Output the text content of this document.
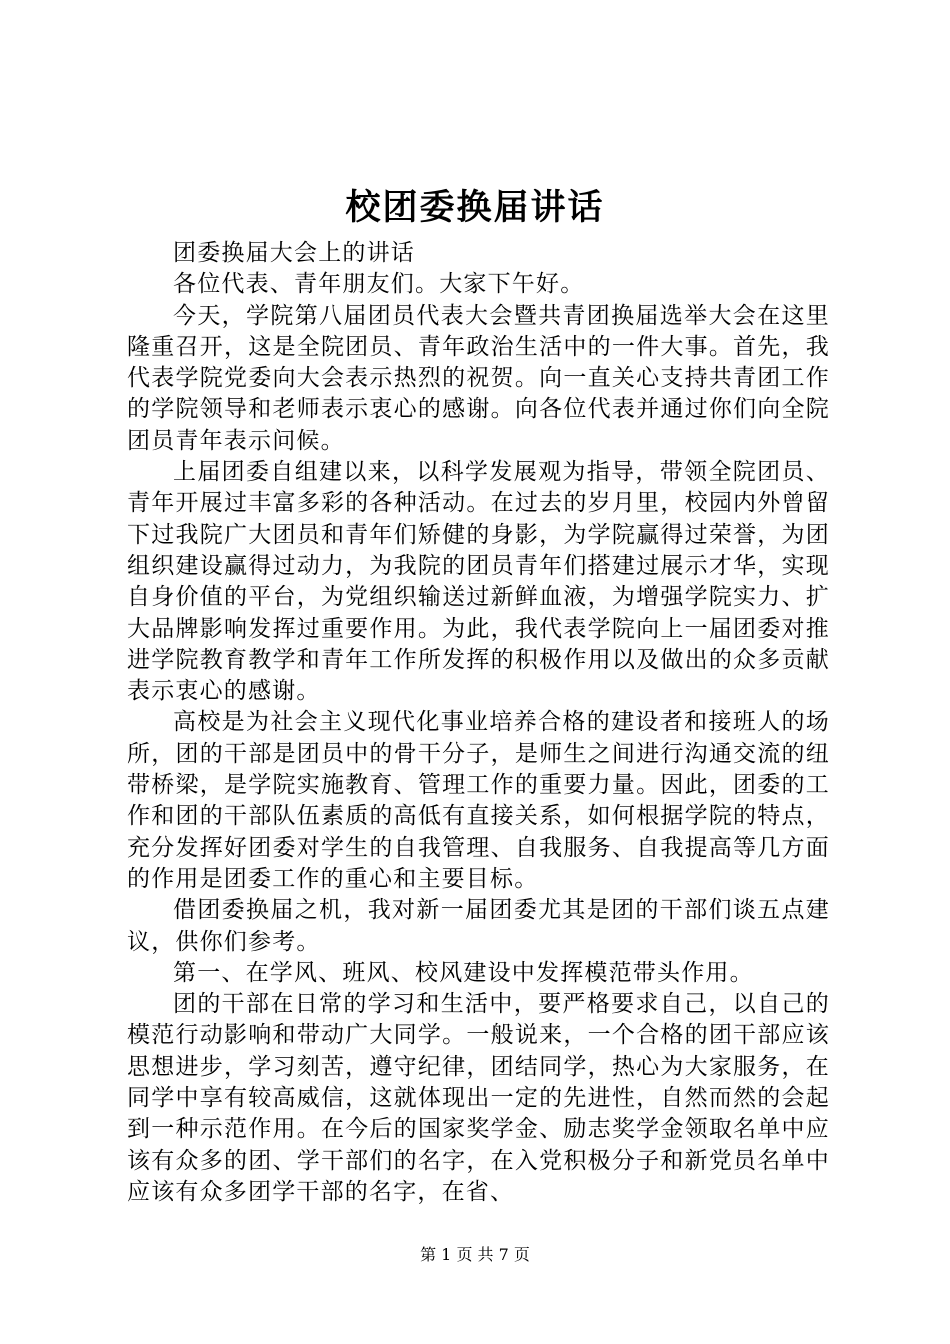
校团委换届讲话

团委换届大会上的讲话

各位代表、青年朋友们。大家下午好。

今天，学院第八届团员代表大会暨共青团换届选举大会在这里隆重召开，这是全院团员、青年政治生活中的一件大事。首先，我代表学院党委向大会表示热烈的祝贺。向一直关心支持共青团工作的学院领导和老师表示衷心的感谢。向各位代表并通过你们向全院团员青年表示问候。

上届团委自组建以来，以科学发展观为指导，带领全院团员、青年开展过丰富多彩的各种活动。在过去的岁月里，校园内外曾留下过我院广大团员和青年们矫健的身影，为学院赢得过荣誉，为团组织建设赢得过动力，为我院的团员青年们搭建过展示才华，实现自身价值的平台，为党组织输送过新鲜血液，为增强学院实力、扩大品牌影响发挥过重要作用。为此，我代表学院向上一届团委对推进学院教育教学和青年工作所发挥的积极作用以及做出的众多贡献表示衷心的感谢。

高校是为社会主义现代化事业培养合格的建设者和接班人的场所，团的干部是团员中的骨干分子，是师生之间进行沟通交流的纽带桥梁，是学院实施教育、管理工作的重要力量。因此，团委的工作和团的干部队伍素质的高低有直接关系，如何根据学院的特点，充分发挥好团委对学生的自我管理、自我服务、自我提高等几方面的作用是团委工作的重心和主要目标。

借团委换届之机，我对新一届团委尤其是团的干部们谈五点建议，供你们参考。

第一、在学风、班风、校风建设中发挥模范带头作用。

团的干部在日常的学习和生活中，要严格要求自己，以自己的模范行动影响和带动广大同学。一般说来，一个合格的团干部应该思想进步，学习刻苦，遵守纪律，团结同学，热心为大家服务，在同学中享有较高威信，这就体现出一定的先进性，自然而然的会起到一种示范作用。在今后的国家奖学金、励志奖学金领取名单中应该有众多的团、学干部们的名字，在入党积极分子和新党员名单中应该有众多团学干部的名字，在省、

第 1 页 共 7 页
